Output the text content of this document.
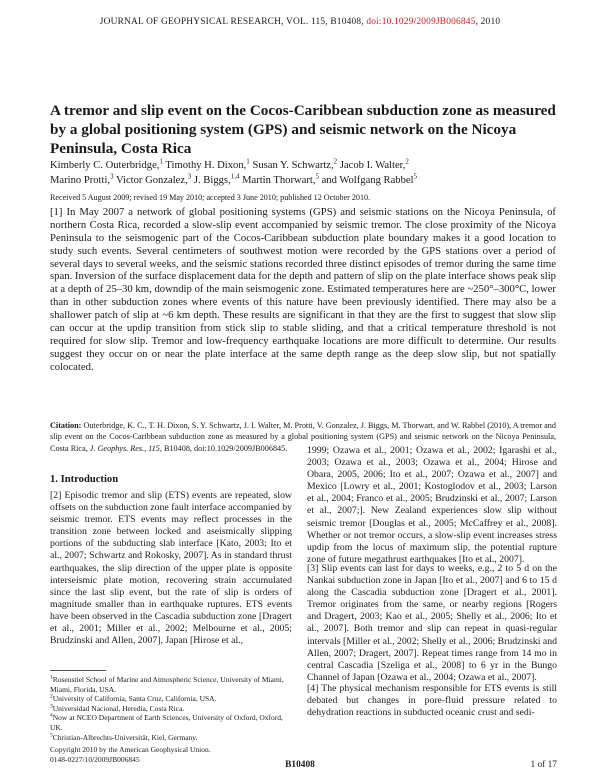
JOURNAL OF GEOPHYSICAL RESEARCH, VOL. 115, B10408, doi:10.1029/2009JB006845, 2010
A tremor and slip event on the Cocos-Caribbean subduction zone as measured by a global positioning system (GPS) and seismic network on the Nicoya Peninsula, Costa Rica
Kimberly C. Outerbridge,$^1$ Timothy H. Dixon,$^1$ Susan Y. Schwartz,$^2$ Jacob I. Walter,$^2$
Marino Protti,$^3$ Victor Gonzalez,$^3$ J. Biggs,$^{1,4}$ Martin Thorwart,$^5$ and Wolfgang Rabbel$^5$
Received 5 August 2009; revised 19 May 2010; accepted 3 June 2010; published 12 October 2010.
[1] In May 2007 a network of global positioning systems (GPS) and seismic stations on the Nicoya Peninsula, of northern Costa Rica, recorded a slow-slip event accompanied by seismic tremor. The close proximity of the Nicoya Peninsula to the seismogenic part of the Cocos-Caribbean subduction plate boundary makes it a good location to study such events. Several centimeters of southwest motion were recorded by the GPS stations over a period of several days to several weeks, and the seismic stations recorded three distinct episodes of tremor during the same time span. Inversion of the surface displacement data for the depth and pattern of slip on the plate interface shows peak slip at a depth of 25–30 km, downdip of the main seismogenic zone. Estimated temperatures here are ~250°–300°C, lower than in other subduction zones where events of this nature have been previously identified. There may also be a shallower patch of slip at ~6 km depth. These results are significant in that they are the first to suggest that slow slip can occur at the updip transition from stick slip to stable sliding, and that a critical temperature threshold is not required for slow slip. Tremor and low-frequency earthquake locations are more difficult to determine. Our results suggest they occur on or near the plate interface at the same depth range as the deep slow slip, but not spatially colocated.
Citation: Outerbridge, K. C., T. H. Dixon, S. Y. Schwartz, J. I. Walter, M. Protti, V. Gonzalez, J. Biggs, M. Thorwart, and W. Rabbel (2010), A tremor and slip event on the Cocos-Caribbean subduction zone as measured by a global positioning system (GPS) and seismic network on the Nicoya Peninsula, Costa Rica, J. Geophys. Res., 115, B10408, doi:10.1029/2009JB006845.
1. Introduction
[2] Episodic tremor and slip (ETS) events are repeated, slow offsets on the subduction zone fault interface accompanied by seismic tremor. ETS events may reflect processes in the transition zone between locked and aseismically slipping portions of the subducting slab interface [Kato, 2003; Ito et al., 2007; Schwartz and Rokosky, 2007]. As in standard thrust earthquakes, the slip direction of the upper plate is opposite interseismic plate motion, recovering strain accumulated since the last slip event, but the rate of slip is orders of magnitude smaller than in earthquake ruptures. ETS events have been observed in the Cascadia subduction zone [Dragert et al., 2001; Miller et al., 2002; Melbourne et al., 2005; Brudzinski and Allen, 2007], Japan [Hirose et al.,
1999; Ozawa et al., 2001; Ozawa et al., 2002; Igarashi et al., 2003; Ozawa et al., 2003; Ozawa et al., 2004; Hirose and Obara, 2005, 2006; Ito et al., 2007; Ozawa et al., 2007] and Mexico [Lowry et al., 2001; Kostoglodov et al., 2003; Larson et al., 2004; Franco et al., 2005; Brudzinski et al., 2007; Larson et al., 2007;]. New Zealand experiences slow slip without seismic tremor [Douglas et al., 2005; McCaffrey et al., 2008]. Whether or not tremor occurs, a slow-slip event increases stress updip from the locus of maximum slip, the potential rupture zone of future megathrust earthquakes [Ito et al., 2007].
[3] Slip events can last for days to weeks, e.g., 2 to 5 d on the Nankai subduction zone in Japan [Ito et al., 2007] and 6 to 15 d along the Cascadia subduction zone [Dragert et al., 2001]. Tremor originates from the same, or nearby regions [Rogers and Dragert, 2003; Kao et al., 2005; Shelly et al., 2006; Ito et al., 2007]. Both tremor and slip can repeat in quasi-regular intervals [Miller et al., 2002; Shelly et al., 2006; Brudzinski and Allen, 2007; Dragert, 2007]. Repeat times range from 14 mo in central Cascadia [Szeliga et al., 2008] to 6 yr in the Bungo Channel of Japan [Ozawa et al., 2004; Ozawa et al., 2007].
[4] The physical mechanism responsible for ETS events is still debated but changes in pore-fluid pressure related to dehydration reactions in subducted oceanic crust and sedi-
$^1$Rosenstiel School of Marine and Atmospheric Science, University of Miami, Miami, Florida, USA.
$^2$University of California, Santa Cruz, California, USA.
$^3$Universidad Nacional, Heredia, Costa Rica.
$^4$Now at NCEO Department of Earth Sciences, University of Oxford, Oxford, UK.
$^5$Christian-Albrechts-Universität, Kiel, Germany.
Copyright 2010 by the American Geophysical Union.
0148-0227/10/2009JB006845
B10408	1 of 17
